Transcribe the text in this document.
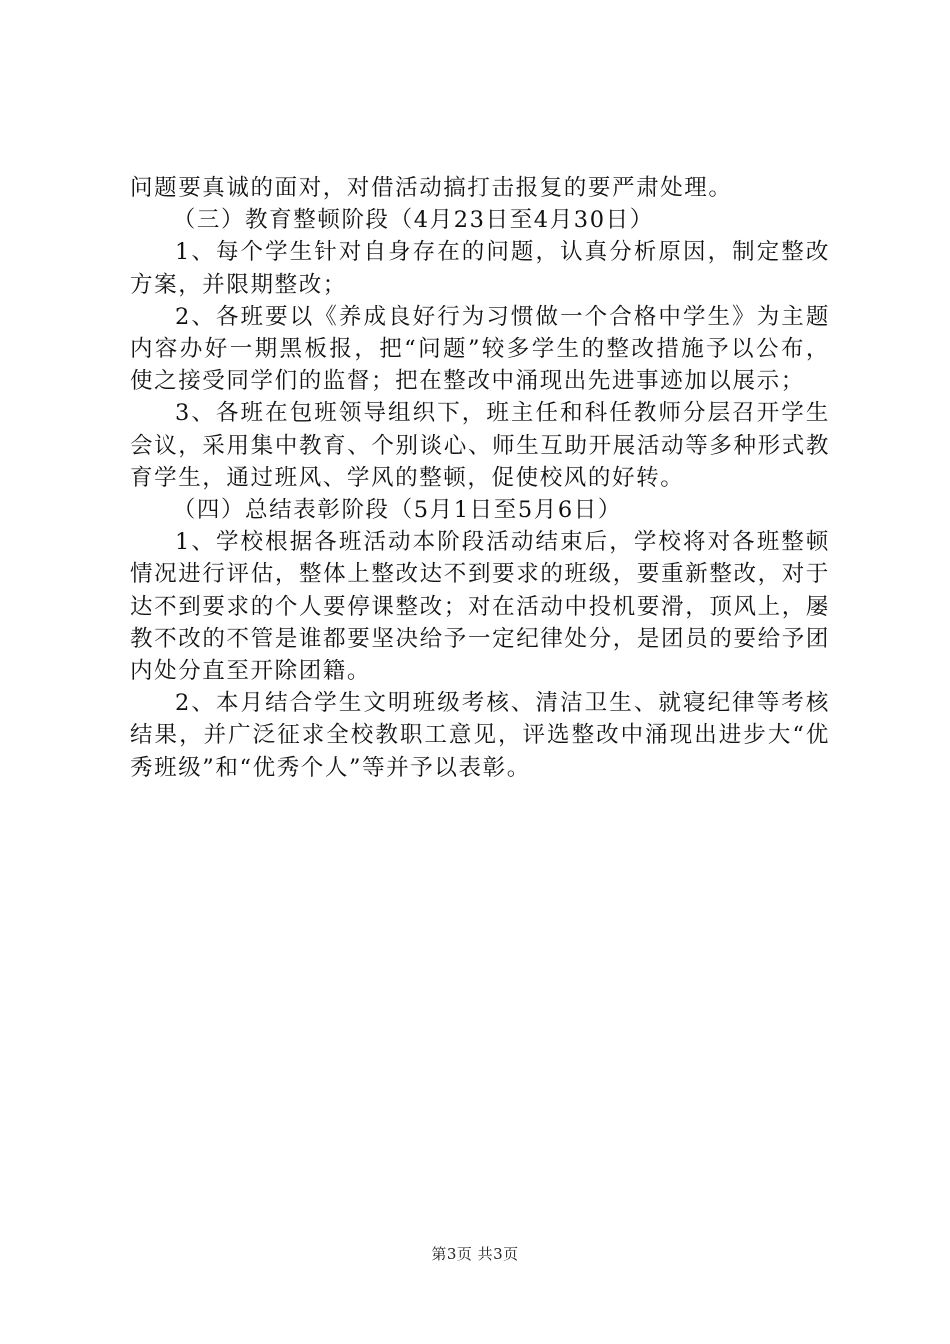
问题要真诚的面对，对借活动搞打击报复的要严肃处理。

（三）教育整顿阶段（4月23日至4月30日）

1、每个学生针对自身存在的问题，认真分析原因，制定整改方案，并限期整改；

2、各班要以《养成良好行为习惯做一个合格中学生》为主题内容办好一期黑板报，把“问题”较多学生的整改措施予以公布，使之接受同学们的监督；把在整改中涌现出先进事迹加以展示；

3、各班在包班领导组织下，班主任和科任教师分层召开学生会议，采用集中教育、个别谈心、师生互助开展活动等多种形式教育学生，通过班风、学风的整顿，促使校风的好转。

（四）总结表彰阶段（5月1日至5月6日）

1、学校根据各班活动本阶段活动结束后，学校将对各班整顿情况进行评估，整体上整改达不到要求的班级，要重新整改，对于达不到要求的个人要停课整改；对在活动中投机要滑，顶风上，屡教不改的不管是谁都要坚决给予一定纪律处分，是团员的要给予团内处分直至开除团籍。

2、本月结合学生文明班级考核、清洁卫生、就寝纪律等考核结果，并广泛征求全校教职工意见，评选整改中涌现出进步大“优秀班级”和“优秀个人”等并予以表彰。

第3页 共3页
